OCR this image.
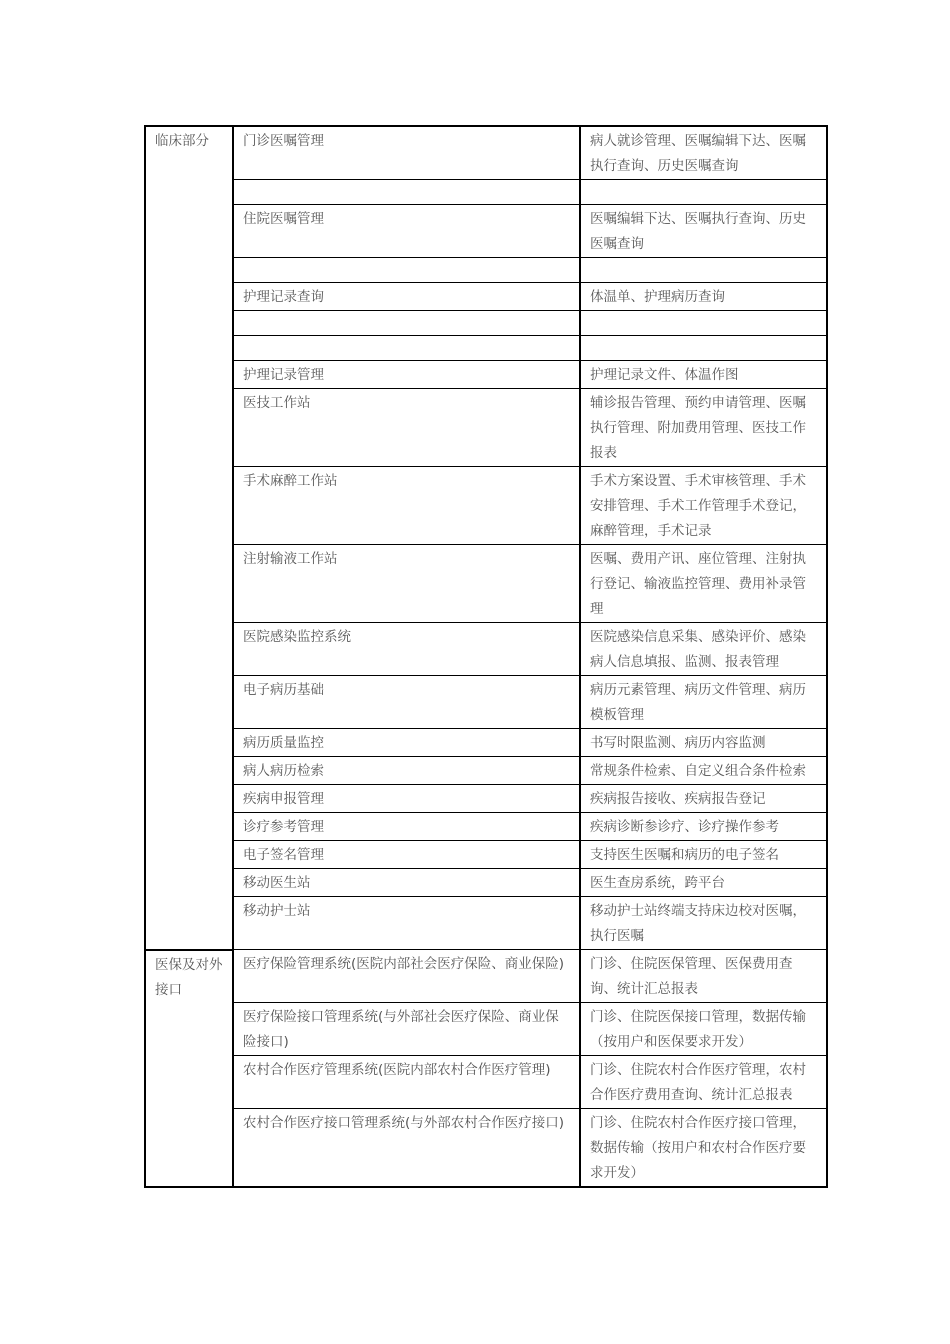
临床部分	门诊医嘱管理	病人就诊管理、医嘱编辑下达、医嘱执行查询、历史医嘱查询

	住院医嘱管理	医嘱编辑下达、医嘱执行查询、历史医嘱查询

	护理记录查询	体温单、护理病历查询

	护理记录管理	护理记录文件、体温作图
	医技工作站	辅诊报告管理、预约申请管理、医嘱执行管理、附加费用管理、医技工作报表
	手术麻醉工作站	手术方案设置、手术审核管理、手术安排管理、手术工作管理手术登记，麻醉管理，手术记录
	注射输液工作站	医嘱、费用产讯、座位管理、注射执行登记、输液监控管理、费用补录管理
	医院感染监控系统	医院感染信息采集、感染评价、感染病人信息填报、监测、报表管理
	电子病历基础	病历元素管理、病历文件管理、病历模板管理
	病历质量监控	书写时限监测、病历内容监测
	病人病历检索	常规条件检索、自定义组合条件检索
	疾病申报管理	疾病报告接收、疾病报告登记
	诊疗参考管理	疾病诊断参诊疗、诊疗操作参考
	电子签名管理	支持医生医嘱和病历的电子签名
	移动医生站	医生查房系统，跨平台
	移动护士站	移动护士站终端支持床边校对医嘱，执行医嘱
医保及对外接口	医疗保险管理系统(医院内部社会医疗保险、商业保险)	门诊、住院医保管理、医保费用查询、统计汇总报表
	医疗保险接口管理系统(与外部社会医疗保险、商业保险接口)	门诊、住院医保接口管理，数据传输（按用户和医保要求开发）
	农村合作医疗管理系统(医院内部农村合作医疗管理)	门诊、住院农村合作医疗管理，农村合作医疗费用查询、统计汇总报表
	农村合作医疗接口管理系统(与外部农村合作医疗接口)	门诊、住院农村合作医疗接口管理，数据传输（按用户和农村合作医疗要求开发）
